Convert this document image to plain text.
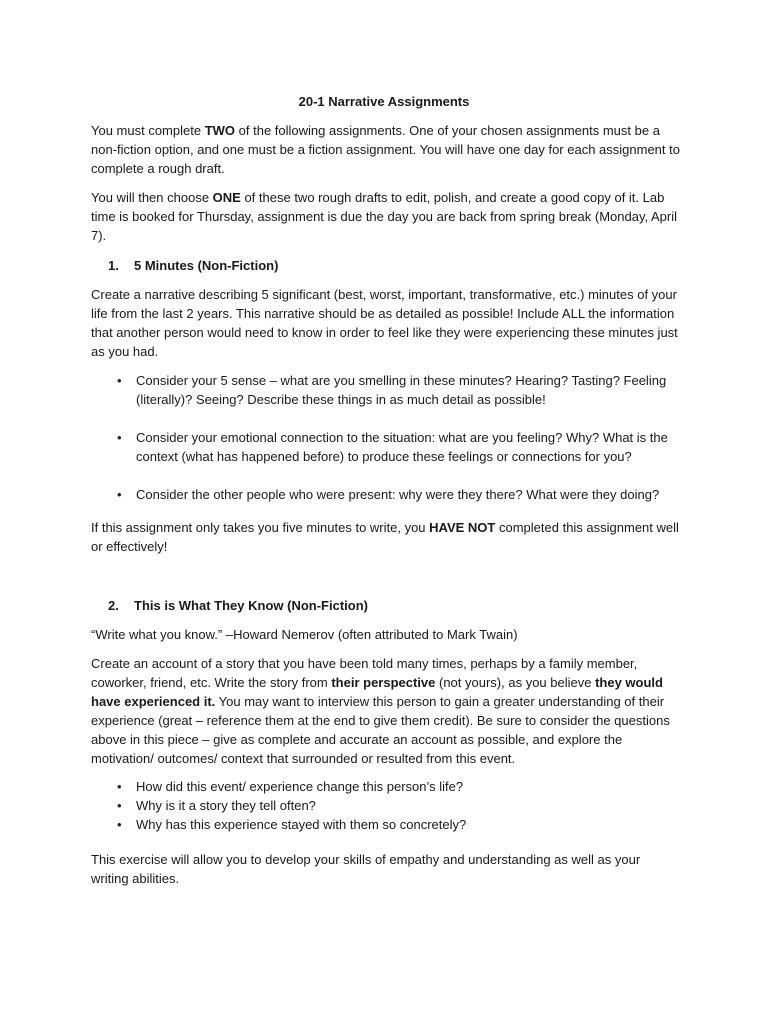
20-1 Narrative Assignments

You must complete TWO of the following assignments. One of your chosen assignments must be a non-fiction option, and one must be a fiction assignment. You will have one day for each assignment to complete a rough draft.

You will then choose ONE of these two rough drafts to edit, polish, and create a good copy of it. Lab time is booked for Thursday, assignment is due the day you are back from spring break (Monday, April 7).

1. 5 Minutes (Non-Fiction)

Create a narrative describing 5 significant (best, worst, important, transformative, etc.) minutes of your life from the last 2 years. This narrative should be as detailed as possible! Include ALL the information that another person would need to know in order to feel like they were experiencing these minutes just as you had.

•	Consider your 5 sense – what are you smelling in these minutes? Hearing? Tasting? Feeling (literally)? Seeing? Describe these things in as much detail as possible!
•	Consider your emotional connection to the situation: what are you feeling? Why? What is the context (what has happened before) to produce these feelings or connections for you?
•	Consider the other people who were present: why were they there? What were they doing?

If this assignment only takes you five minutes to write, you HAVE NOT completed this assignment well or effectively!

2. This is What They Know (Non-Fiction)

“Write what you know.” –Howard Nemerov (often attributed to Mark Twain)

Create an account of a story that you have been told many times, perhaps by a family member, coworker, friend, etc. Write the story from their perspective (not yours), as you believe they would have experienced it. You may want to interview this person to gain a greater understanding of their experience (great – reference them at the end to give them credit). Be sure to consider the questions above in this piece – give as complete and accurate an account as possible, and explore the motivation/ outcomes/ context that surrounded or resulted from this event.

•	How did this event/ experience change this person’s life?
•	Why is it a story they tell often?
•	Why has this experience stayed with them so concretely?

This exercise will allow you to develop your skills of empathy and understanding as well as your writing abilities.
